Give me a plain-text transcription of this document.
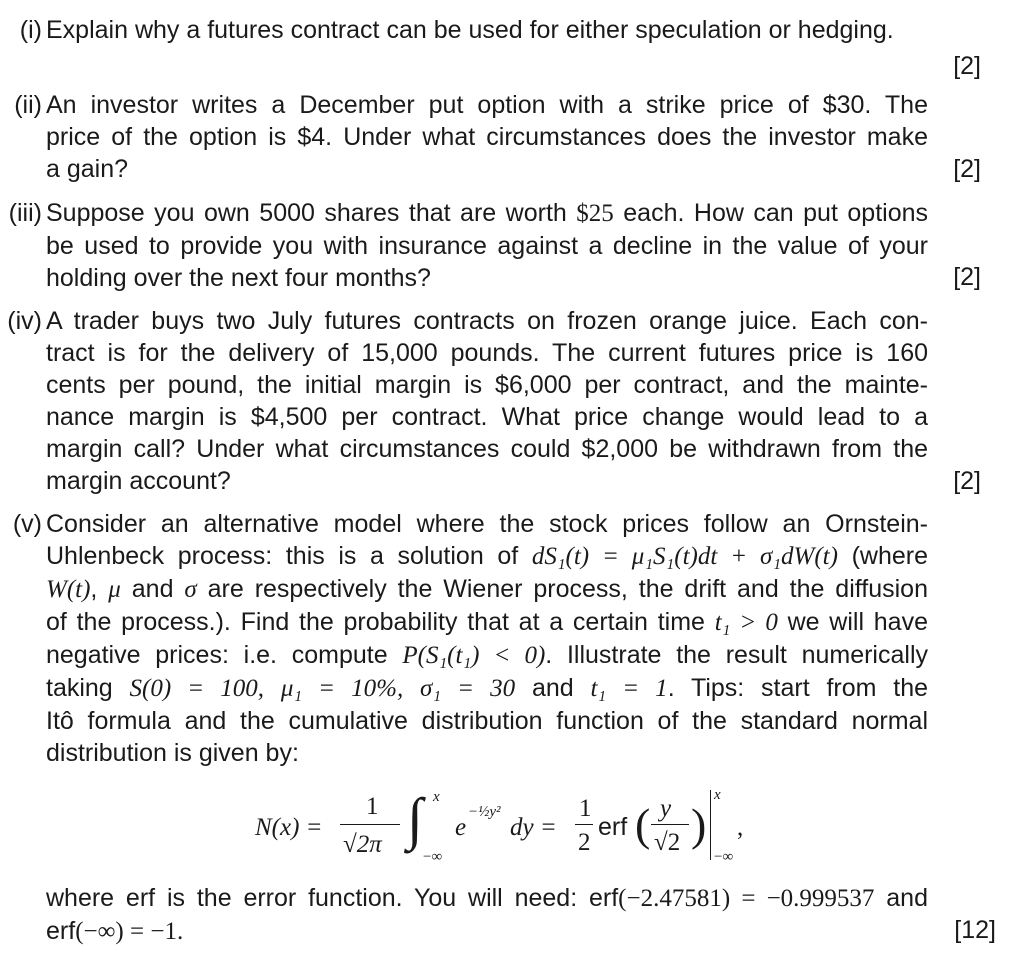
(i) Explain why a futures contract can be used for either speculation or hedging.
[2]
(ii) An investor writes a December put option with a strike price of $30. The
price of the option is $4. Under what circumstances does the investor make
a gain?	[2]
(iii) Suppose you own 5000 shares that are worth $25 each. How can put options
be used to provide you with insurance against a decline in the value of your
holding over the next four months?	[2]
(iv) A trader buys two July futures contracts on frozen orange juice. Each con-
tract is for the delivery of 15,000 pounds. The current futures price is 160
cents per pound, the initial margin is $6,000 per contract, and the mainte-
nance margin is $4,500 per contract. What price change would lead to a
margin call? Under what circumstances could $2,000 be withdrawn from the
margin account?	[2]
(v) Consider an alternative model where the stock prices follow an Ornstein-
Uhlenbeck process: this is a solution of dS₁(t) = μ₁S₁(t)dt + σ₁dW(t) (where
W(t), μ and σ are respectively the Wiener process, the drift and the diffusion
of the process.). Find the probability that at a certain time t₁ > 0 we will have
negative prices: i.e. compute P(S₁(t₁) < 0). Illustrate the result numerically
taking S(0) = 100, μ₁ = 10%, σ₁ = 30 and t₁ = 1. Tips: start from the
Itô formula and the cumulative distribution function of the standard normal
distribution is given by:
N(x) =
1
√2π ∫ x
−∞
e
−½y²
dy =
1
2
erf ( y
√2 )
x
−∞
,
where erf is the error function. You will need: erf(−2.47581) = −0.999537 and
erf(−∞) = −1.	[12]
